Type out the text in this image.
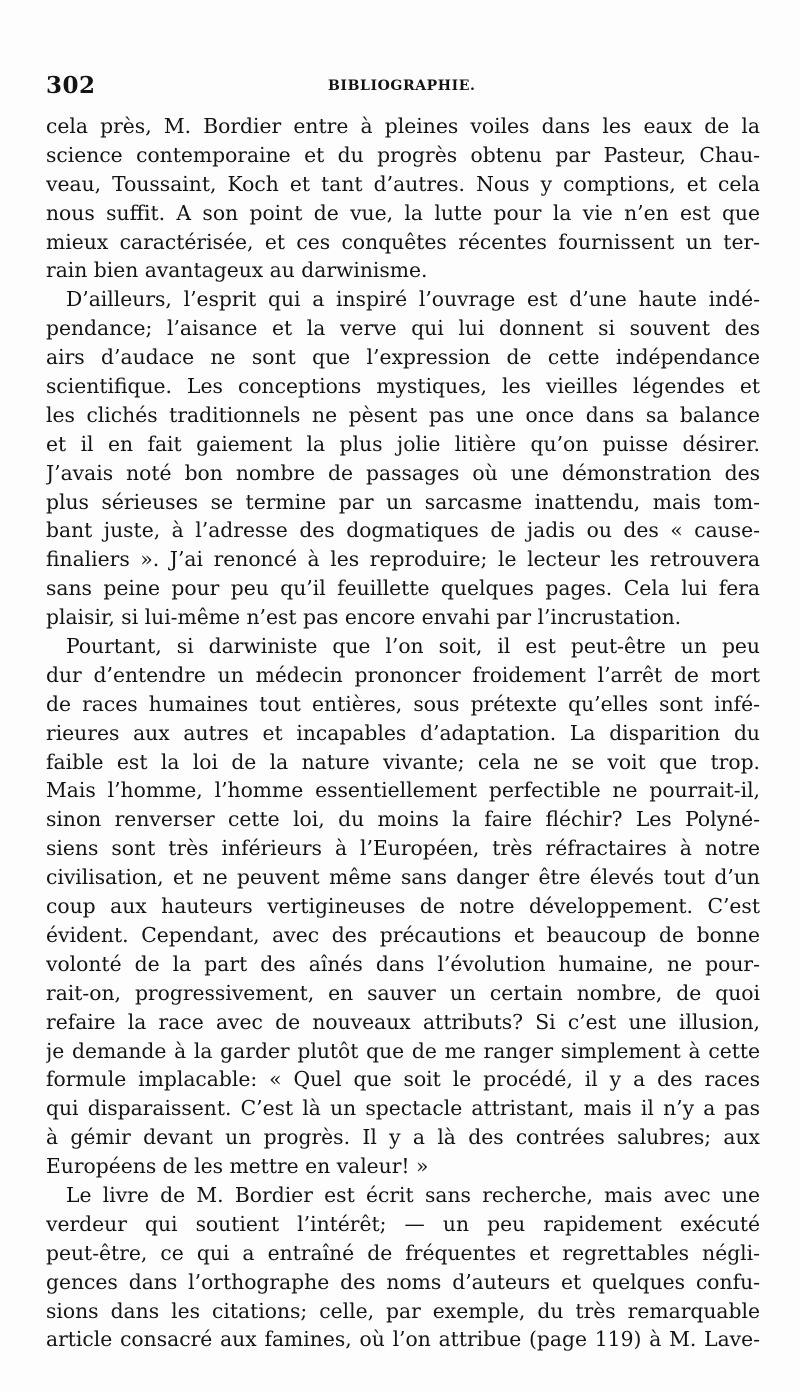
302	BIBLIOGRAPHIE.
cela près, M. Bordier entre à pleines voiles dans les eaux de la
science contemporaine et du progrès obtenu par Pasteur, Chau-
veau, Toussaint, Koch et tant d’autres. Nous y comptions, et cela
nous suffit. A son point de vue, la lutte pour la vie n’en est que
mieux caractérisée, et ces conquêtes récentes fournissent un ter-
rain bien avantageux au darwinisme.
D’ailleurs, l’esprit qui a inspiré l’ouvrage est d’une haute indé-
pendance; l’aisance et la verve qui lui donnent si souvent des
airs d’audace ne sont que l’expression de cette indépendance
scientifique. Les conceptions mystiques, les vieilles légendes et
les clichés traditionnels ne pèsent pas une once dans sa balance
et il en fait gaiement la plus jolie litière qu’on puisse désirer.
J’avais noté bon nombre de passages où une démonstration des
plus sérieuses se termine par un sarcasme inattendu, mais tom-
bant juste, à l’adresse des dogmatiques de jadis ou des « cause-
finaliers ». J’ai renoncé à les reproduire; le lecteur les retrouvera
sans peine pour peu qu’il feuillette quelques pages. Cela lui fera
plaisir, si lui-même n’est pas encore envahi par l’incrustation.
Pourtant, si darwiniste que l’on soit, il est peut-être un peu
dur d’entendre un médecin prononcer froidement l’arrêt de mort
de races humaines tout entières, sous prétexte qu’elles sont infé-
rieures aux autres et incapables d’adaptation. La disparition du
faible est la loi de la nature vivante; cela ne se voit que trop.
Mais l’homme, l’homme essentiellement perfectible ne pourrait-il,
sinon renverser cette loi, du moins la faire fléchir? Les Polyné-
siens sont très inférieurs à l’Européen, très réfractaires à notre
civilisation, et ne peuvent même sans danger être élevés tout d’un
coup aux hauteurs vertigineuses de notre développement. C’est
évident. Cependant, avec des précautions et beaucoup de bonne
volonté de la part des aînés dans l’évolution humaine, ne pour-
rait-on, progressivement, en sauver un certain nombre, de quoi
refaire la race avec de nouveaux attributs? Si c’est une illusion,
je demande à la garder plutôt que de me ranger simplement à cette
formule implacable: « Quel que soit le procédé, il y a des races
qui disparaissent. C’est là un spectacle attristant, mais il n’y a pas
à gémir devant un progrès. Il y a là des contrées salubres; aux
Européens de les mettre en valeur! »
Le livre de M. Bordier est écrit sans recherche, mais avec une
verdeur qui soutient l’intérêt; — un peu rapidement exécuté
peut-être, ce qui a entraîné de fréquentes et regrettables négli-
gences dans l’orthographe des noms d’auteurs et quelques confu-
sions dans les citations; celle, par exemple, du très remarquable
article consacré aux famines, où l’on attribue (page 119) à M. Lave-
